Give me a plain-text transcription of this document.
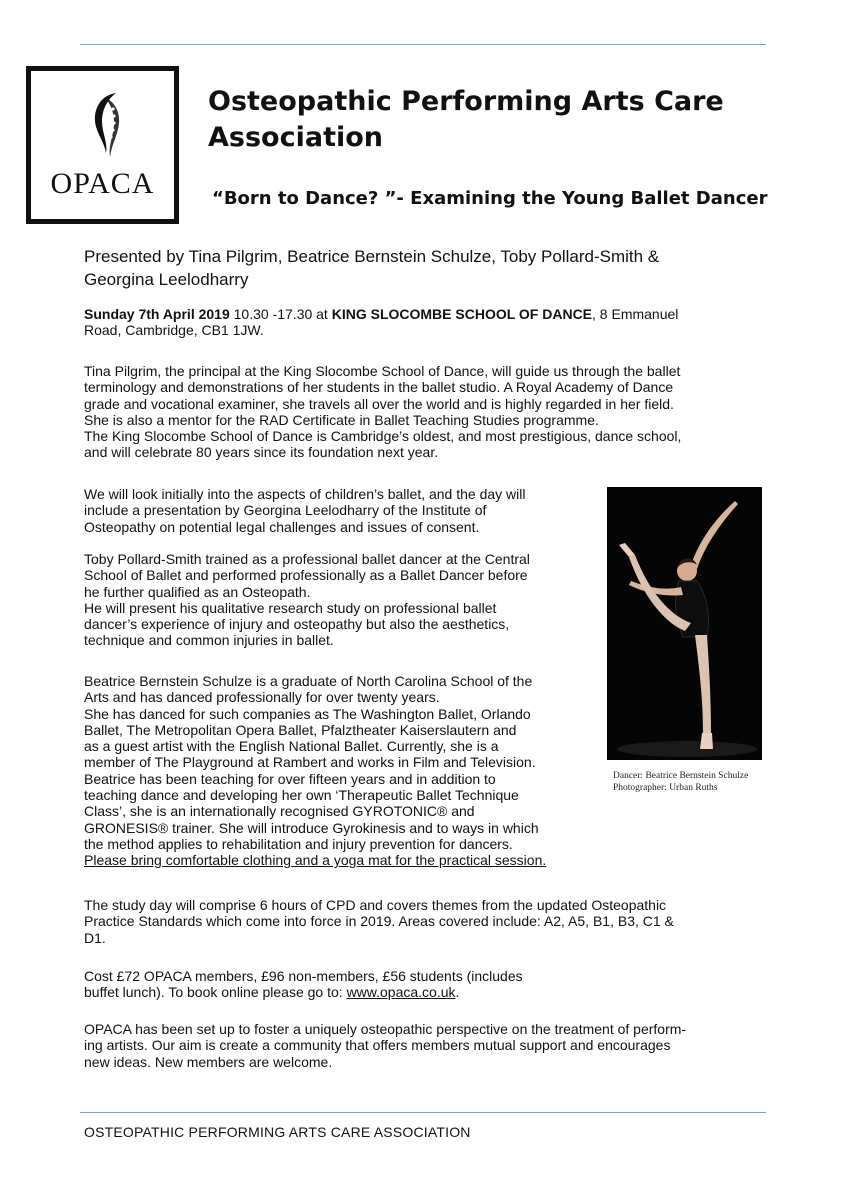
OPACA
Osteopathic Performing Arts Care
Association
“Born to Dance? ”- Examining the Young Ballet Dancer
Presented by Tina Pilgrim, Beatrice Bernstein Schulze, Toby Pollard-Smith &
Georgina Leelodharry
Sunday 7th April 2019 10.30 -17.30 at KING SLOCOMBE SCHOOL OF DANCE, 8 Emmanuel
Road, Cambridge, CB1 1JW.
Tina Pilgrim, the principal at the King Slocombe School of Dance, will guide us through the ballet
terminology and demonstrations of her students in the ballet studio. A Royal Academy of Dance
grade and vocational examiner, she travels all over the world and is highly regarded in her field.
She is also a mentor for the RAD Certificate in Ballet Teaching Studies programme.
The King Slocombe School of Dance is Cambridge’s oldest, and most prestigious, dance school,
and will celebrate 80 years since its foundation next year.
We will look initially into the aspects of children’s ballet, and the day will
include a presentation by Georgina Leelodharry of the Institute of
Osteopathy on potential legal challenges and issues of consent.
Toby Pollard-Smith trained as a professional ballet dancer at the Central
School of Ballet and performed professionally as a Ballet Dancer before
he further qualified as an Osteopath.
He will present his qualitative research study on professional ballet
dancer’s experience of injury and osteopathy but also the aesthetics,
technique and common injuries in ballet.
Beatrice Bernstein Schulze is a graduate of North Carolina School of the
Arts and has danced professionally for over twenty years.
She has danced for such companies as The Washington Ballet, Orlando
Ballet, The Metropolitan Opera Ballet, Pfalztheater Kaiserslautern and
as a guest artist with the English National Ballet. Currently, she is a
member of The Playground at Rambert and works in Film and Television.
Beatrice has been teaching for over fifteen years and in addition to
teaching dance and developing her own ‘Therapeutic Ballet Technique
Class’, she is an internationally recognised GYROTONIC® and
GRONESIS® trainer. She will introduce Gyrokinesis and to ways in which
the method applies to rehabilitation and injury prevention for dancers.
Please bring comfortable clothing and a yoga mat for the practical session.
Dancer: Beatrice Bernstein Schulze
Photographer: Urban Ruths
The study day will comprise 6 hours of CPD and covers themes from the updated Osteopathic
Practice Standards which come into force in 2019. Areas covered include: A2, A5, B1, B3, C1 &
D1.
Cost £72 OPACA members, £96 non-members, £56 students (includes
buffet lunch). To book online please go to: www.opaca.co.uk.
OPACA has been set up to foster a uniquely osteopathic perspective on the treatment of perform-
ing artists. Our aim is create a community that offers members mutual support and encourages
new ideas. New members are welcome.
OSTEOPATHIC PERFORMING ARTS CARE ASSOCIATION
